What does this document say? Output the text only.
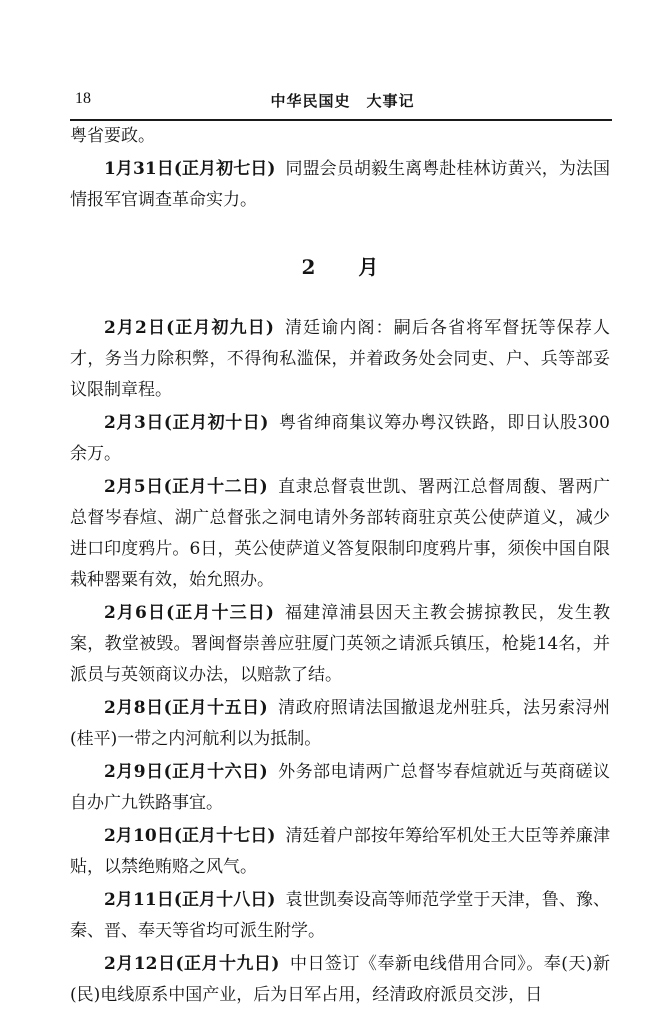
18	中华民国史　大事记

粤省要政。

1月31日(正月初七日) 同盟会员胡毅生离粤赴桂林访黄兴，为法国情报军官调查革命实力。

2 月

2月2日(正月初九日) 清廷谕内阁：嗣后各省将军督抚等保荐人才，务当力除积弊，不得徇私滥保，并着政务处会同吏、户、兵等部妥议限制章程。

2月3日(正月初十日) 粤省绅商集议筹办粤汉铁路，即日认股300余万。

2月5日(正月十二日) 直隶总督袁世凯、署两江总督周馥、署两广总督岑春煊、湖广总督张之洞电请外务部转商驻京英公使萨道义，减少进口印度鸦片。6日，英公使萨道义答复限制印度鸦片事，须俟中国自限栽种罂粟有效，始允照办。

2月6日(正月十三日) 福建漳浦县因天主教会掳掠教民，发生教案，教堂被毁。署闽督崇善应驻厦门英领之请派兵镇压，枪毙14名，并派员与英领商议办法，以赔款了结。

2月8日(正月十五日) 清政府照请法国撤退龙州驻兵，法另索浔州(桂平)一带之内河航利以为抵制。

2月9日(正月十六日) 外务部电请两广总督岑春煊就近与英商磋议自办广九铁路事宜。

2月10日(正月十七日) 清廷着户部按年筹给军机处王大臣等养廉津贴，以禁绝贿赂之风气。

2月11日(正月十八日) 袁世凯奏设高等师范学堂于天津，鲁、豫、秦、晋、奉天等省均可派生附学。

2月12日(正月十九日) 中日签订《奉新电线借用合同》。奉(天)新(民)电线原系中国产业，后为日军占用，经清政府派员交涉，日
